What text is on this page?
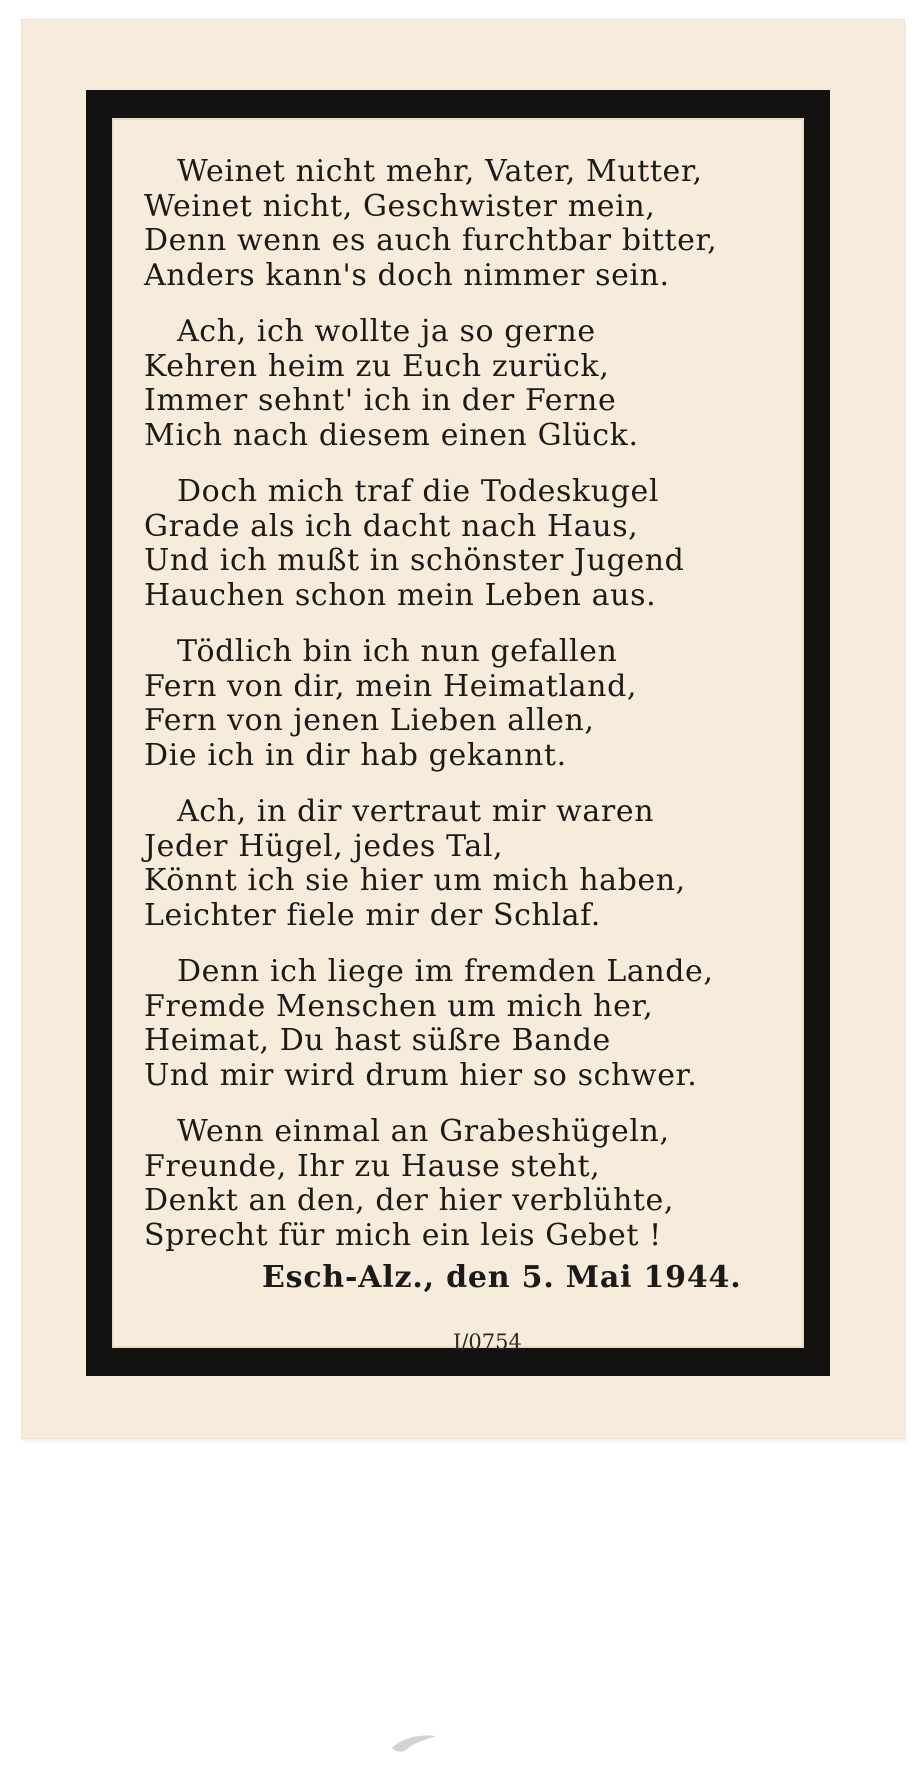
Weinet nicht mehr, Vater, Mutter,
Weinet nicht, Geschwister mein,
Denn wenn es auch furchtbar bitter,
Anders kann's doch nimmer sein.
Ach, ich wollte ja so gerne
Kehren heim zu Euch zurück,
Immer sehnt' ich in der Ferne
Mich nach diesem einen Glück.
Doch mich traf die Todeskugel
Grade als ich dacht nach Haus,
Und ich mußt in schönster Jugend
Hauchen schon mein Leben aus.
Tödlich bin ich nun gefallen
Fern von dir, mein Heimatland,
Fern von jenen Lieben allen,
Die ich in dir hab gekannt.
Ach, in dir vertraut mir waren
Jeder Hügel, jedes Tal,
Könnt ich sie hier um mich haben,
Leichter fiele mir der Schlaf.
Denn ich liege im fremden Lande,
Fremde Menschen um mich her,
Heimat, Du hast süßre Bande
Und mir wird drum hier so schwer.
Wenn einmal an Grabeshügeln,
Freunde, Ihr zu Hause steht,
Denkt an den, der hier verblühte,
Sprecht für mich ein leis Gebet !
Esch-Alz., den 5. Mai 1944.
I/0754
